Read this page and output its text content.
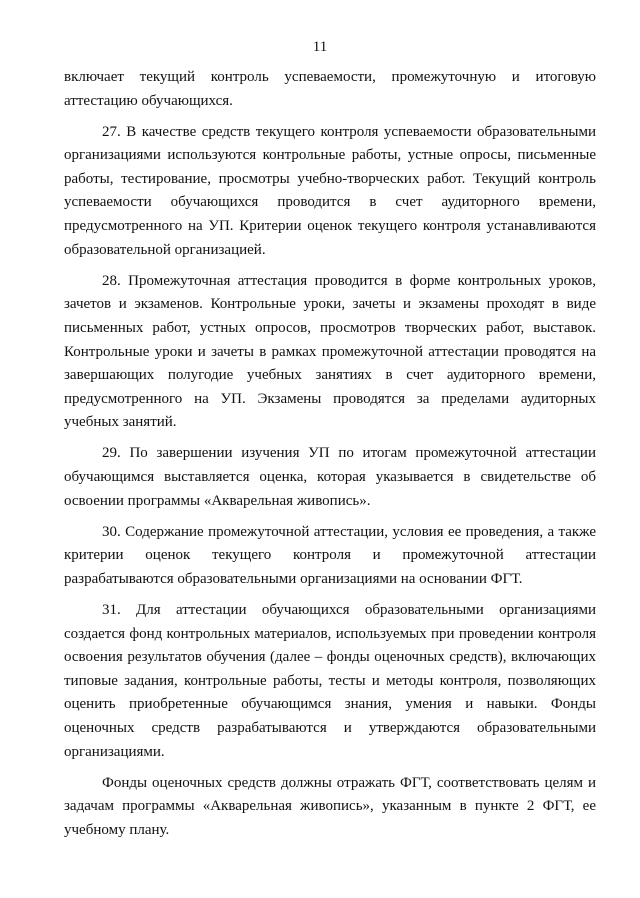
11

включает текущий контроль успеваемости, промежуточную и итоговую аттестацию обучающихся.

27. В качестве средств текущего контроля успеваемости образовательными организациями используются контрольные работы, устные опросы, письменные работы, тестирование, просмотры учебно-творческих работ. Текущий контроль успеваемости обучающихся проводится в счет аудиторного времени, предусмотренного на УП. Критерии оценок текущего контроля устанавливаются образовательной организацией.

28. Промежуточная аттестация проводится в форме контрольных уроков, зачетов и экзаменов. Контрольные уроки, зачеты и экзамены проходят в виде письменных работ, устных опросов, просмотров творческих работ, выставок. Контрольные уроки и зачеты в рамках промежуточной аттестации проводятся на завершающих полугодие учебных занятиях в счет аудиторного времени, предусмотренного на УП. Экзамены проводятся за пределами аудиторных учебных занятий.

29. По завершении изучения УП по итогам промежуточной аттестации обучающимся выставляется оценка, которая указывается в свидетельстве об освоении программы «Акварельная живопись».

30. Содержание промежуточной аттестации, условия ее проведения, а также критерии оценок текущего контроля и промежуточной аттестации разрабатываются образовательными организациями на основании ФГТ.

31. Для аттестации обучающихся образовательными организациями создается фонд контрольных материалов, используемых при проведении контроля освоения результатов обучения (далее – фонды оценочных средств), включающих типовые задания, контрольные работы, тесты и методы контроля, позволяющих оценить приобретенные обучающимся знания, умения и навыки. Фонды оценочных средств разрабатываются и утверждаются образовательными организациями.

Фонды оценочных средств должны отражать ФГТ, соответствовать целям и задачам программы «Акварельная живопись», указанным в пункте 2 ФГТ, ее учебному плану.
